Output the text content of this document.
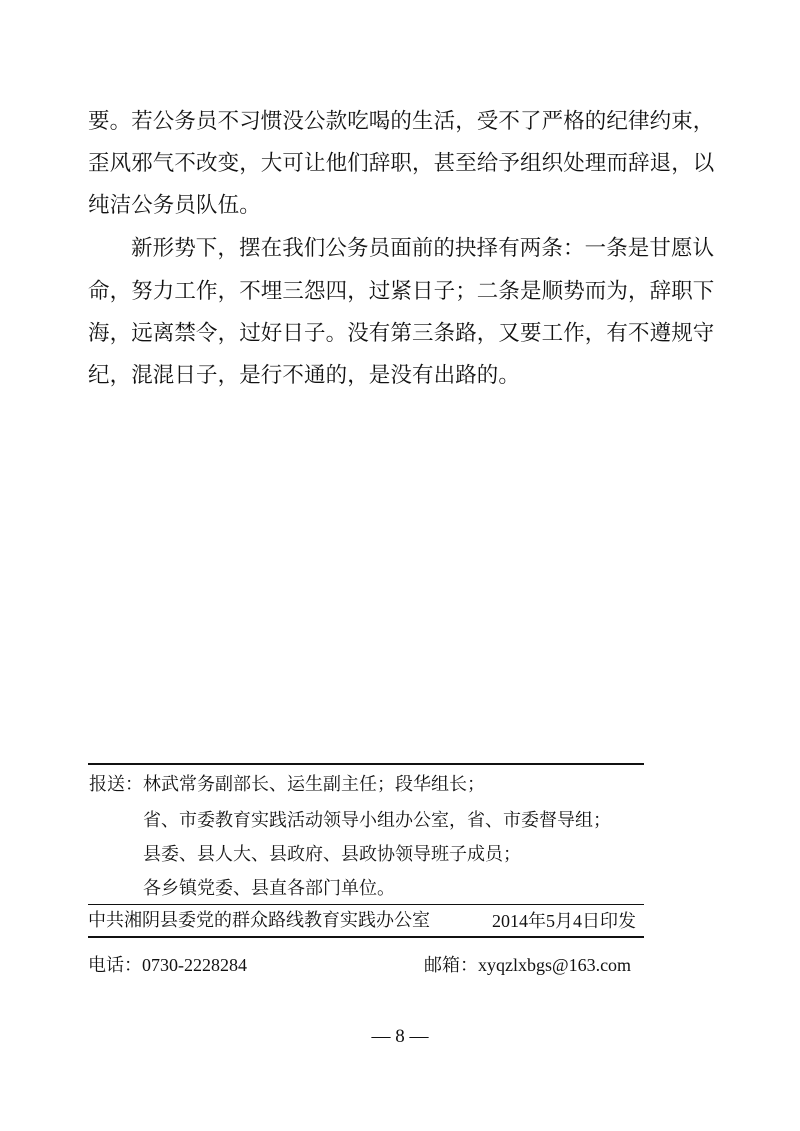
要。若公务员不习惯没公款吃喝的生活，受不了严格的纪律约束，
歪风邪气不改变，大可让他们辞职，甚至给予组织处理而辞退，以
纯洁公务员队伍。
新形势下，摆在我们公务员面前的抉择有两条：一条是甘愿认
命，努力工作，不埋三怨四，过紧日子；二条是顺势而为，辞职下
海，远离禁令，过好日子。没有第三条路，又要工作，有不遵规守
纪，混混日子，是行不通的，是没有出路的。
报送： 林武常务副部长、运生副主任；段华组长；
省、市委教育实践活动领导小组办公室，省、市委督导组；
县委、县人大、县政府、县政协领导班子成员；
各乡镇党委、县直各部门单位。
中共湘阴县委党的群众路线教育实践办公室	2014年5月4日印发
电话：0730-2228284	邮箱：xyqzlxbgs@163.com
— 8 —
